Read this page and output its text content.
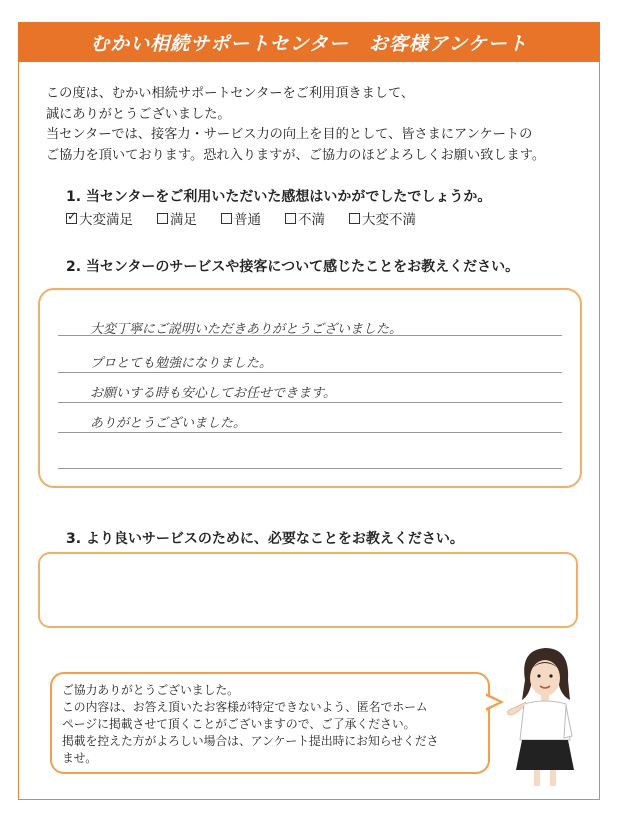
むかい相続サポートセンター　お客様アンケート
この度は、むかい相続サポートセンターをご利用頂きまして、
誠にありがとうございました。
当センターでは、接客力・サービス力の向上を目的として、皆さまにアンケートの
ご協力を頂いております。恐れ入りますが、ご協力のほどよろしくお願い致します。
1. 当センターをご利用いただいた感想はいかがでしたでしょうか。
✓
大変満足	満足	普通	不満	大変不満
2. 当センターのサービスや接客について感じたことをお教えください。
大変丁寧にご説明いただきありがとうございました。
プロとても勉強になりました。
お願いする時も安心してお任せできます。
ありがとうございました。
3. より良いサービスのために、必要なことをお教えください。
ご協力ありがとうございました。
この内容は、お答え頂いたお客様が特定できないよう、匿名でホーム
ページに掲載させて頂くことがございますので、ご了承ください。
掲載を控えた方がよろしい場合は、アンケート提出時にお知らせくださ
ませ。
